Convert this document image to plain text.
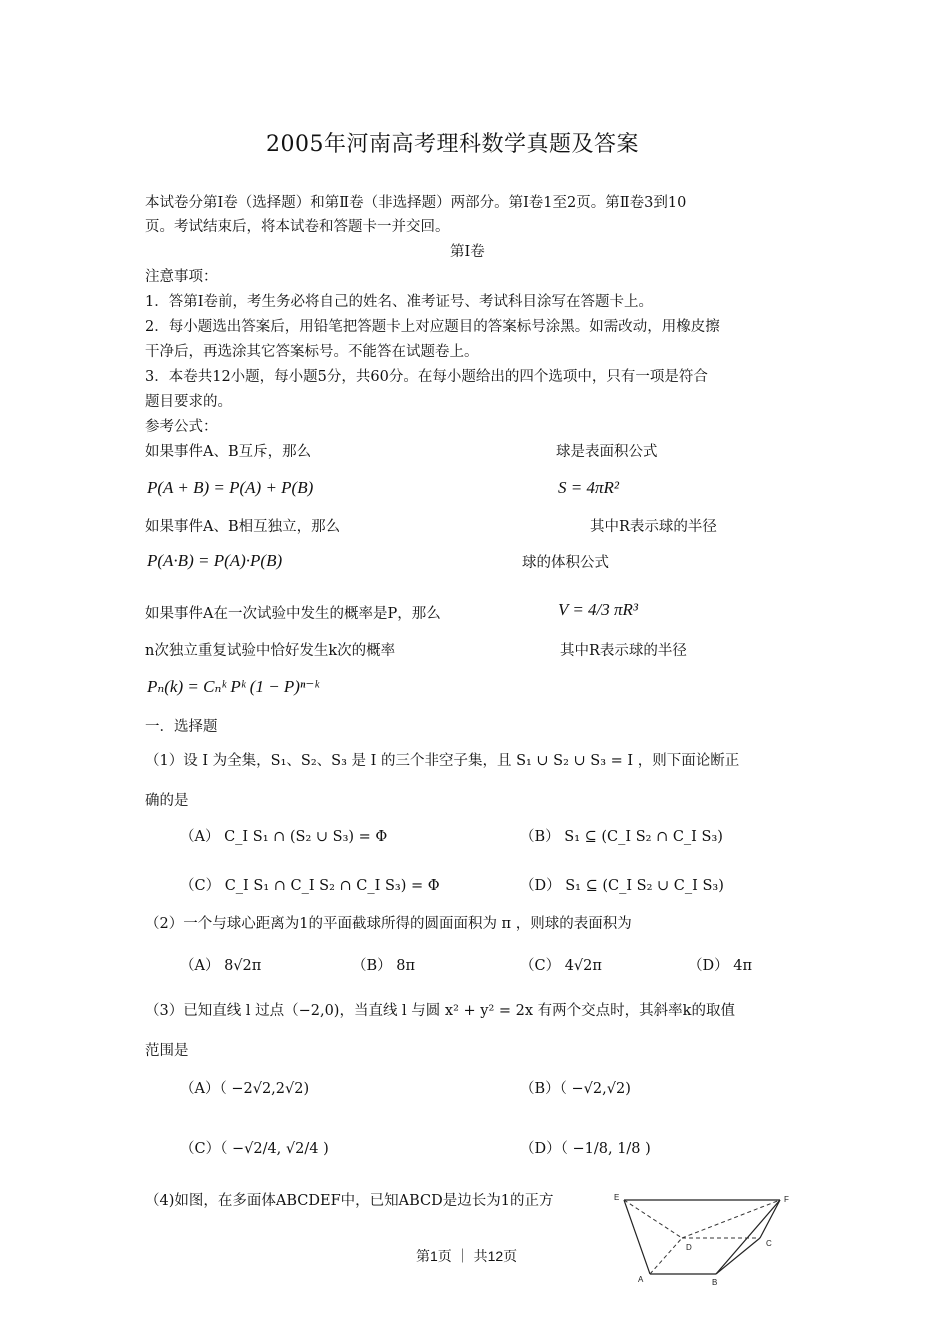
2005年河南高考理科数学真题及答案
本试卷分第Ⅰ卷（选择题）和第Ⅱ卷（非选择题）两部分。第Ⅰ卷1至2页。第Ⅱ卷3到10
页。考试结束后，将本试卷和答题卡一并交回。
第Ⅰ卷
注意事项：
1．答第Ⅰ卷前，考生务必将自己的姓名、准考证号、考试科目涂写在答题卡上。
2．每小题选出答案后，用铅笔把答题卡上对应题目的答案标号涂黑。如需改动，用橡皮擦
干净后，再选涂其它答案标号。不能答在试题卷上。
3．本卷共12小题，每小题5分，共60分。在每小题给出的四个选项中，只有一项是符合
题目要求的。
参考公式：
如果事件A、B互斥，那么	球是表面积公式
P(A + B) = P(A) + P(B)	S = 4πR²
如果事件A、B相互独立，那么	其中R表示球的半径
P(A·B) = P(A)·P(B)	球的体积公式
如果事件A在一次试验中发生的概率是P，那么	V = 4/3 πR³
n次独立重复试验中恰好发生k次的概率	其中R表示球的半径
Pₙ(k) = Cₙᵏ Pᵏ (1 − P)ⁿ⁻ᵏ
一．选择题
（1）设 I 为全集，S₁、S₂、S₃ 是 I 的三个非空子集，且 S₁ ∪ S₂ ∪ S₃ = I ，则下面论断正
确的是
（A） C_I S₁ ∩ (S₂ ∪ S₃) = Φ	（B） S₁ ⊆ (C_I S₂ ∩ C_I S₃)
（C） C_I S₁ ∩ C_I S₂ ∩ C_I S₃) = Φ	（D） S₁ ⊆ (C_I S₂ ∪ C_I S₃)
（2）一个与球心距离为1的平面截球所得的圆面面积为 π ，则球的表面积为
（A） 8√2π	（B） 8π	（C） 4√2π	（D） 4π
（3）已知直线 l 过点（−2,0)，当直线 l 与圆 x² + y² = 2x 有两个交点时，其斜率k的取值
范围是
（A）（ −2√2,2√2)	（B）（ −√2,√2)
（C）（ −√2/4, √2/4 )	（D）（ −1/8, 1/8 )
（4)如图，在多面体ABCDEF中，已知ABCD是边长为1的正方	E	F
D	C
A	B
第1页 ｜ 共12页
